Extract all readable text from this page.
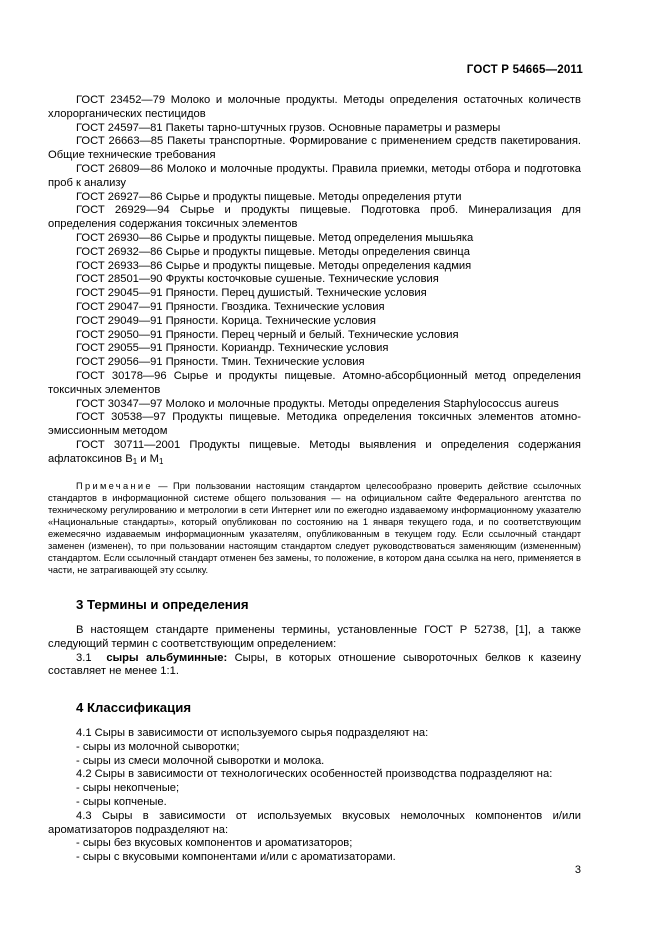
ГОСТ Р 54665—2011

ГОСТ 23452—79 Молоко и молочные продукты. Методы определения остаточных количеств хлорорганических пестицидов

ГОСТ 24597—81 Пакеты тарно-штучных грузов. Основные параметры и размеры

ГОСТ 26663—85 Пакеты транспортные. Формирование с применением средств пакетирования. Общие технические требования

ГОСТ 26809—86 Молоко и молочные продукты. Правила приемки, методы отбора и подготовка проб к анализу

ГОСТ 26927—86 Сырье и продукты пищевые. Методы определения ртути

ГОСТ 26929—94 Сырье и продукты пищевые. Подготовка проб. Минерализация для определения содержания токсичных элементов

ГОСТ 26930—86 Сырье и продукты пищевые. Метод определения мышьяка

ГОСТ 26932—86 Сырье и продукты пищевые. Методы определения свинца

ГОСТ 26933—86 Сырье и продукты пищевые. Методы определения кадмия

ГОСТ 28501—90 Фрукты косточковые сушеные. Технические условия

ГОСТ 29045—91 Пряности. Перец душистый. Технические условия

ГОСТ 29047—91 Пряности. Гвоздика. Технические условия

ГОСТ 29049—91 Пряности. Корица. Технические условия

ГОСТ 29050—91 Пряности. Перец черный и белый. Технические условия

ГОСТ 29055—91 Пряности. Кориандр. Технические условия

ГОСТ 29056—91 Пряности. Тмин. Технические условия

ГОСТ 30178—96 Сырье и продукты пищевые. Атомно-абсорбционный метод определения токсичных элементов

ГОСТ 30347—97 Молоко и молочные продукты. Методы определения Staphylococcus aureus

ГОСТ 30538—97 Продукты пищевые. Методика определения токсичных элементов атомно-эмиссионным методом

ГОСТ 30711—2001 Продукты пищевые. Методы выявления и определения содержания афлатоксинов $B_1$ и $M_1$

Примечание — При пользовании настоящим стандартом целесообразно проверить действие ссылочных стандартов в информационной системе общего пользования — на официальном сайте Федерального агентства по техническому регулированию и метрологии в сети Интернет или по ежегодно издаваемому информационному указателю «Национальные стандарты», который опубликован по состоянию на 1 января текущего года, и по соответствующим ежемесячно издаваемым информационным указателям, опубликованным в текущем году. Если ссылочный стандарт заменен (изменен), то при пользовании настоящим стандартом следует руководствоваться заменяющим (измененным) стандартом. Если ссылочный стандарт отменен без замены, то положение, в котором дана ссылка на него, применяется в части, не затрагивающей эту ссылку.

3 Термины и определения

В настоящем стандарте применены термины, установленные ГОСТ Р 52738, [1], а также следующий термин с соответствующим определением:

3.1 сыры альбуминные: Сыры, в которых отношение сывороточных белков к казеину составляет не менее 1:1.

4 Классификация

4.1 Сыры в зависимости от используемого сырья подразделяют на:

- сыры из молочной сыворотки;

- сыры из смеси молочной сыворотки и молока.

4.2 Сыры в зависимости от технологических особенностей производства подразделяют на:

- сыры некопченые;

- сыры копченые.

4.3 Сыры в зависимости от используемых вкусовых немолочных компонентов и/или ароматизаторов подразделяют на:

- сыры без вкусовых компонентов и ароматизаторов;

- сыры с вкусовыми компонентами и/или с ароматизаторами.

3
